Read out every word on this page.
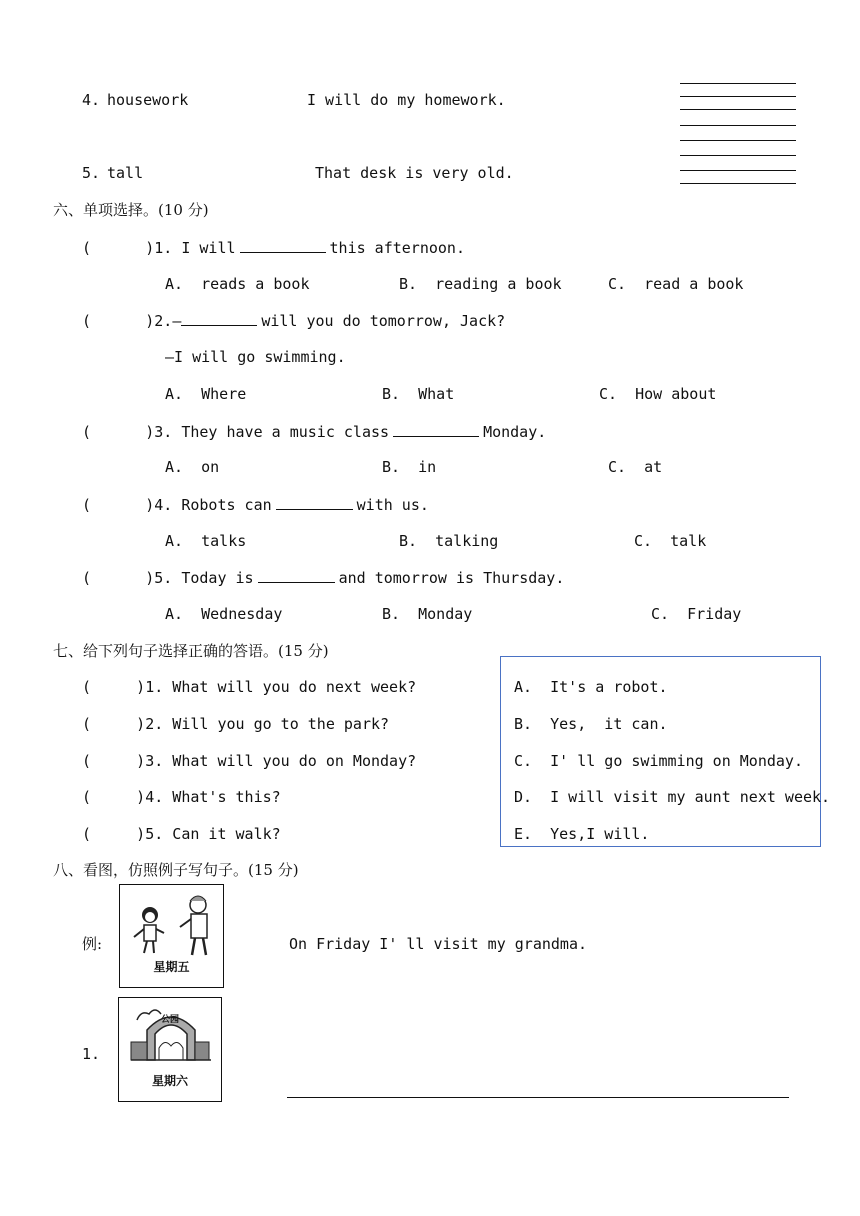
4. housework	I will do my homework.
5. tall	That desk is very old.
六、单项选择。(10 分)
(	)1. I will	this afternoon.
A.  reads a book	B.  reading a book	C.  read a book
(	)2.—	will you do tomorrow, Jack?
—I will go swimming.
A.  Where	B.  What	C.  How about
(	)3. They have a music class	Monday.
A.  on	B.  in	C.  at
(	)4. Robots can	with us.
A.  talks	B.  talking	C.  talk
(	)5. Today is	and tomorrow is Thursday.
A.  Wednesday	B.  Monday	C.  Friday
七、给下列句子选择正确的答语。(15 分)
(     )1. What will you do next week?
(     )2. Will you go to the park?
(     )3. What will you do on Monday?
(     )4. What's this?
(     )5. Can it walk?
A.  It's a robot.
B.  Yes,  it can.
C.  I' ll go swimming on Monday.
D.  I will visit my aunt next week.
E.  Yes,I will.
八、看图，仿照例子写句子。(15 分)
例:
星期五
On Friday I' ll visit my grandma.
1.
公园
星期六
